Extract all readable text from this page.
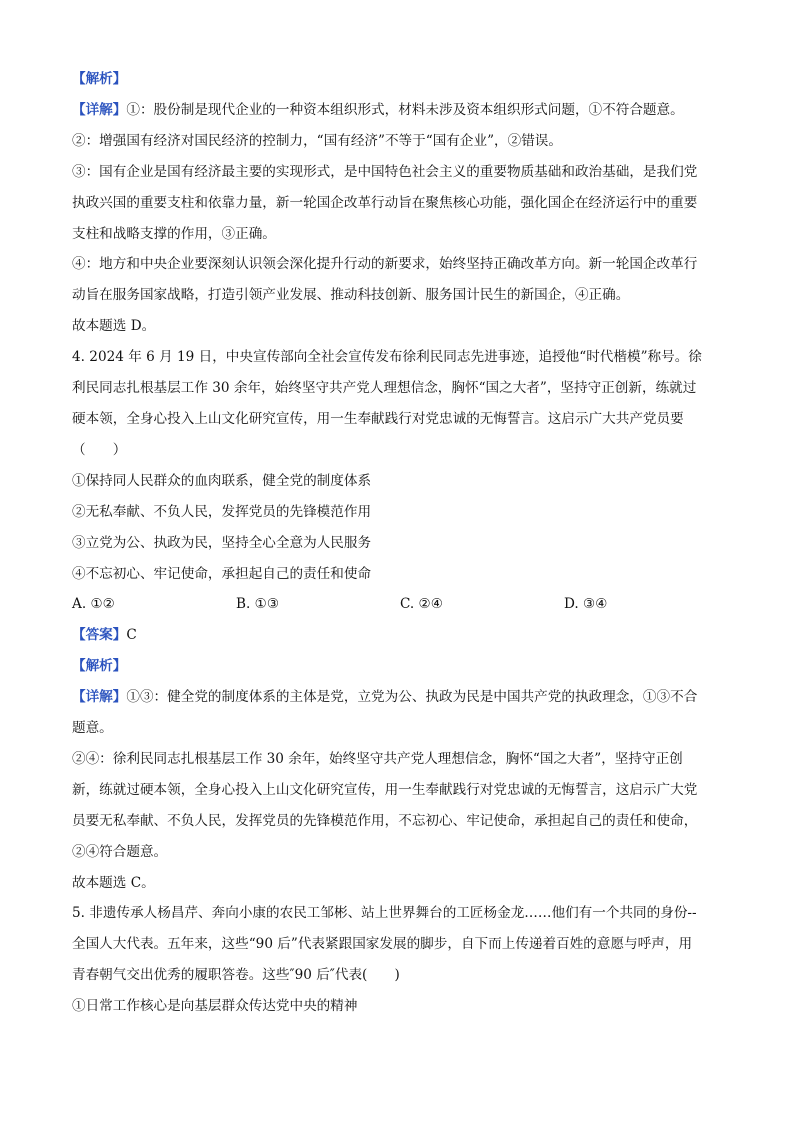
【解析】
【详解】①：股份制是现代企业的一种资本组织形式，材料未涉及资本组织形式问题，①不符合题意。
②：增强国有经济对国民经济的控制力，“国有经济”不等于“国有企业”，②错误。
③：国有企业是国有经济最主要的实现形式，是中国特色社会主义的重要物质基础和政治基础，是我们党
执政兴国的重要支柱和依靠力量，新一轮国企改革行动旨在聚焦核心功能，强化国企在经济运行中的重要
支柱和战略支撑的作用，③正确。
④：地方和中央企业要深刻认识领会深化提升行动的新要求，始终坚持正确改革方向。新一轮国企改革行
动旨在服务国家战略，打造引领产业发展、推动科技创新、服务国计民生的新国企，④正确。
故本题选 D。
4. 2024 年 6 月 19 日，中央宣传部向全社会宣传发布徐利民同志先进事迹，追授他“时代楷模”称号。徐
利民同志扎根基层工作 30 余年，始终坚守共产党人理想信念，胸怀“国之大者”，坚持守正创新，练就过
硬本领，全身心投入上山文化研究宣传，用一生奉献践行对党忠诚的无悔誓言。这启示广大共产党员要
（　　）
①保持同人民群众的血肉联系，健全党的制度体系
②无私奉献、不负人民，发挥党员的先锋模范作用
③立党为公、执政为民，坚持全心全意为人民服务
④不忘初心、牢记使命，承担起自己的责任和使命
A. ①②	B. ①③	C. ②④	D. ③④
【答案】C
【解析】
【详解】①③：健全党的制度体系的主体是党，立党为公、执政为民是中国共产党的执政理念，①③不合
题意。
②④：徐利民同志扎根基层工作 30 余年，始终坚守共产党人理想信念，胸怀“国之大者”，坚持守正创
新，练就过硬本领，全身心投入上山文化研究宣传，用一生奉献践行对党忠诚的无悔誓言，这启示广大党
员要无私奉献、不负人民，发挥党员的先锋模范作用，不忘初心、牢记使命，承担起自己的责任和使命，
②④符合题意。
故本题选 C。
5. 非遗传承人杨昌芹、奔向小康的农民工邹彬、站上世界舞台的工匠杨金龙……他们有一个共同的身份--
全国人大代表。五年来，这些“90 后”代表紧跟国家发展的脚步，自下而上传递着百姓的意愿与呼声，用
青春朝气交出优秀的履职答卷。这些″90 后″代表(　　)
①日常工作核心是向基层群众传达党中央的精神
